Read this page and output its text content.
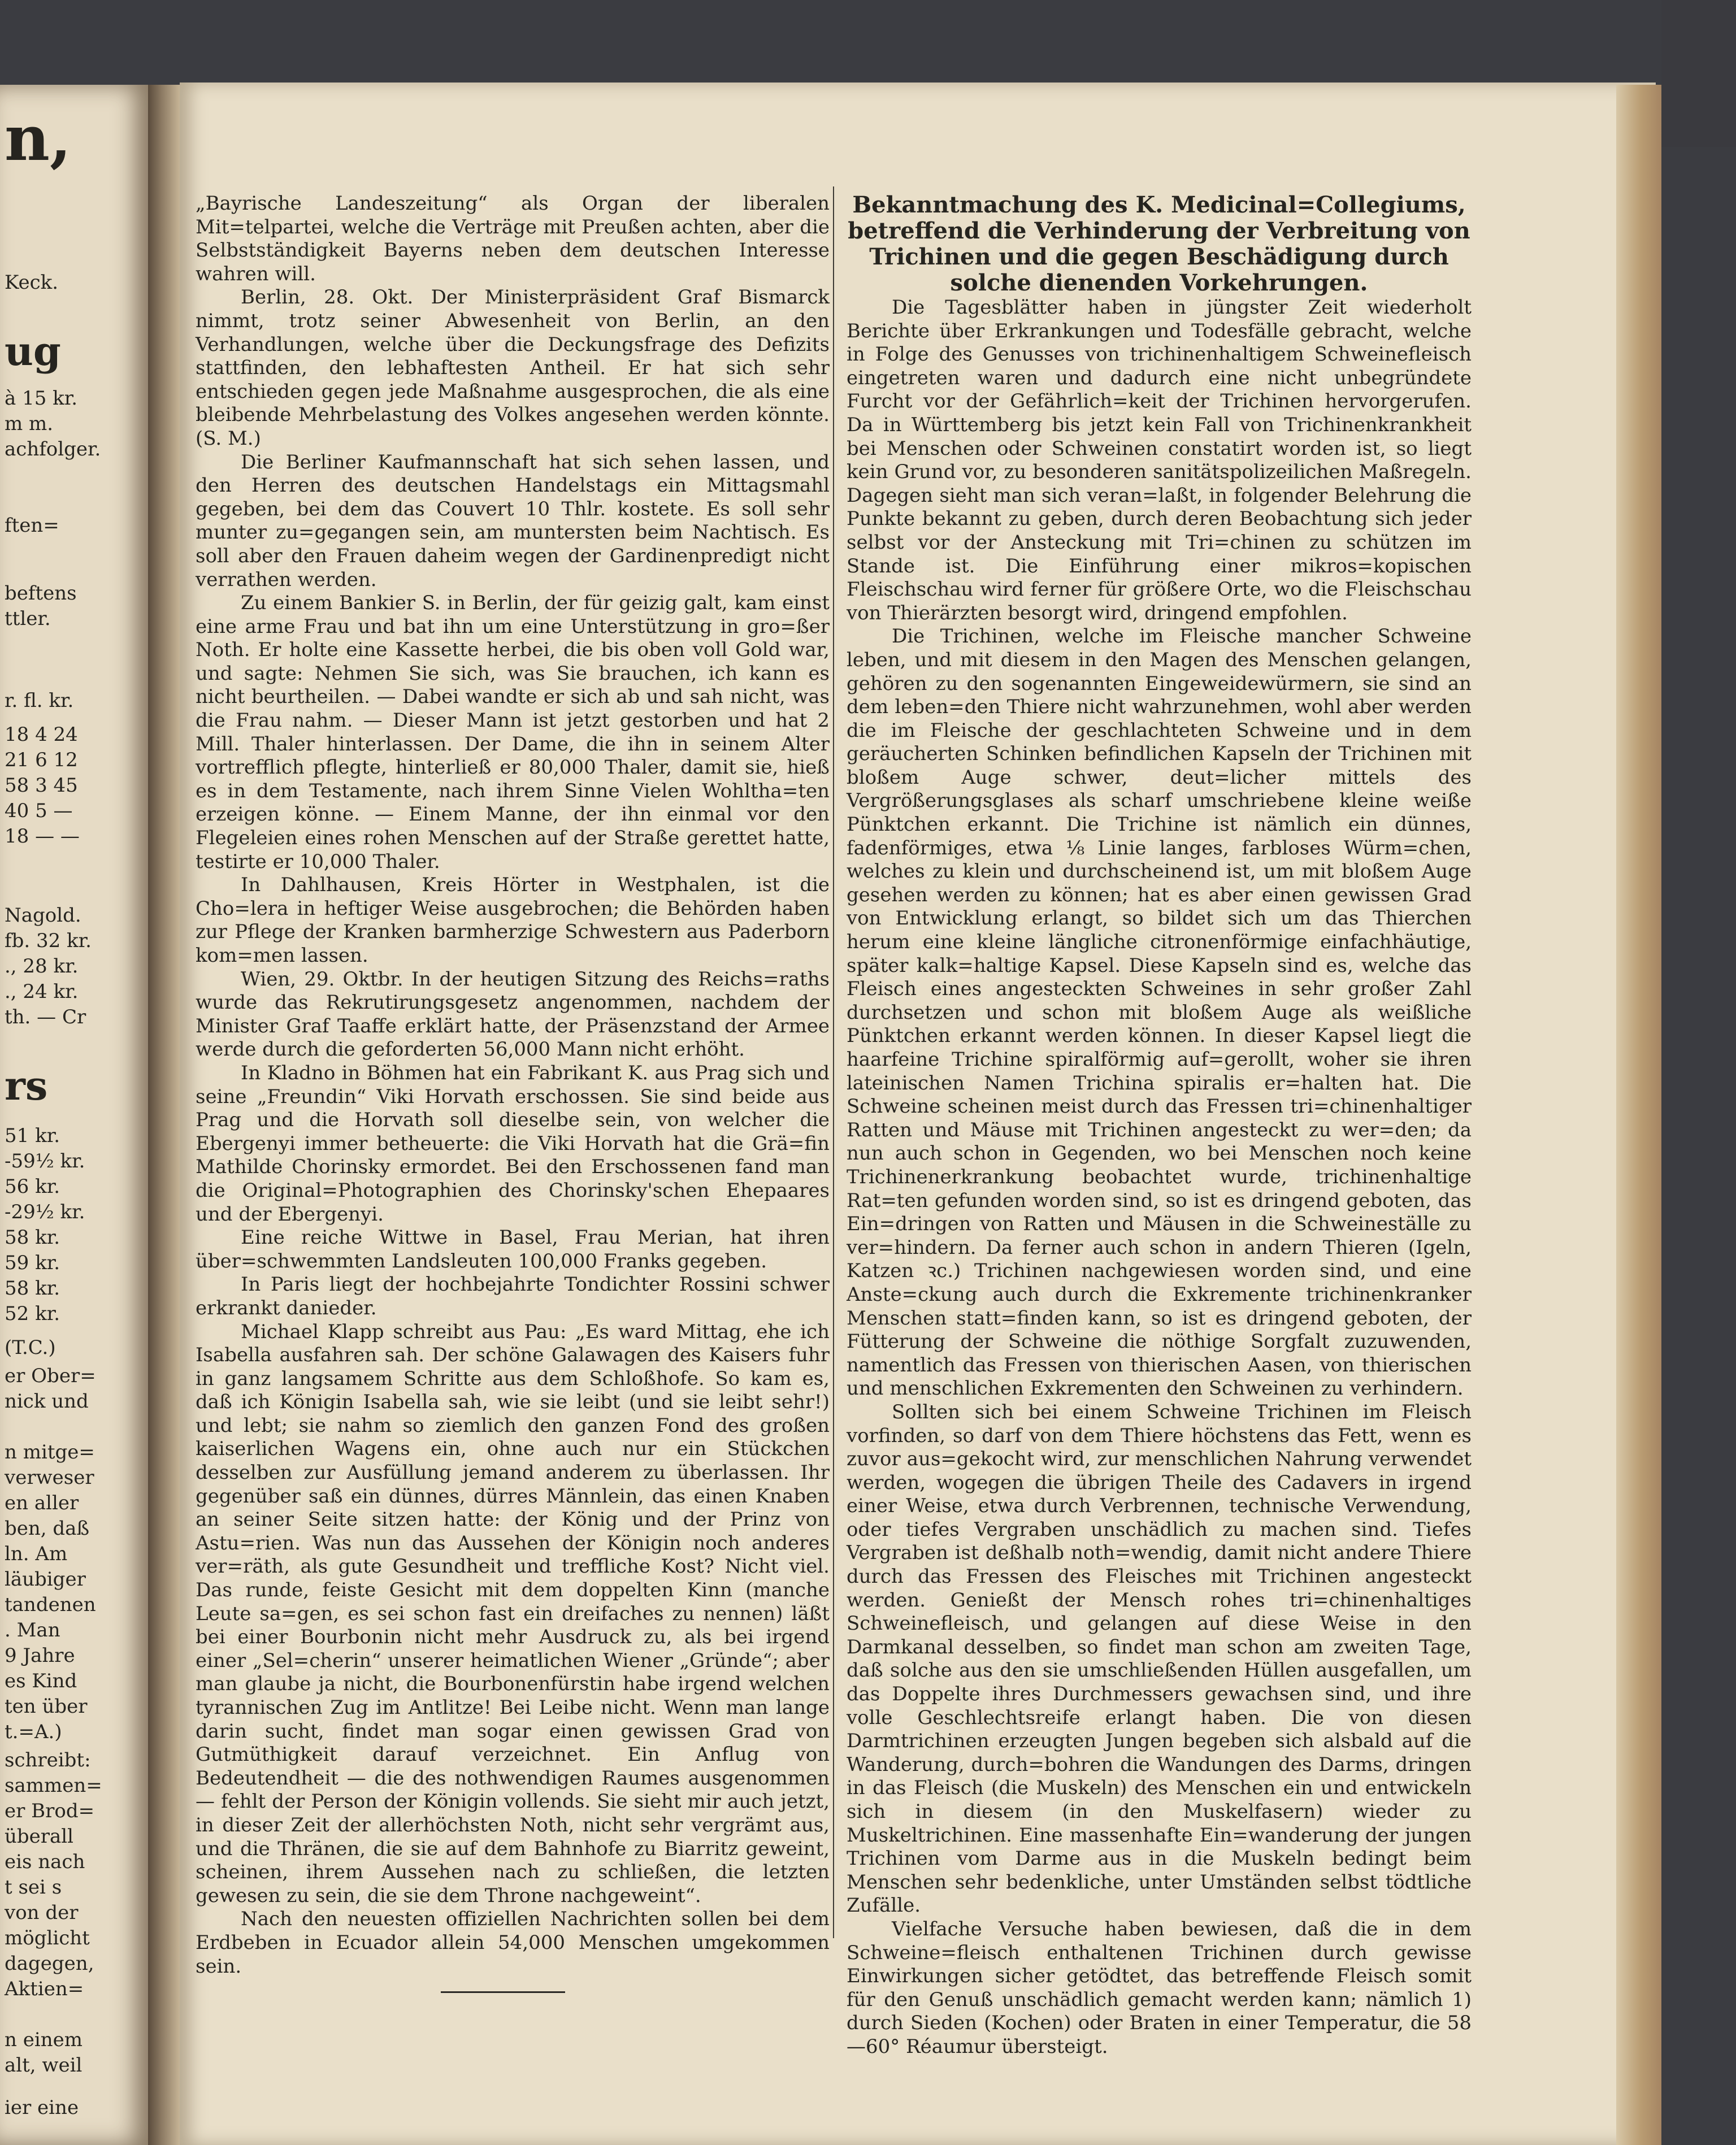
n,
Keck.
ug
à 15 kr.
m m.
achfolger.
ften=
beftens
ttler.
r. fl. kr.
18 4 24
21 6 12
58 3 45
40 5 —
18 — —
Nagold.
fb. 32 kr.
., 28 kr.
., 24 kr.
th. — Cr
rs
51 kr.
-59½ kr.
56 kr.
-29½ kr.
58 kr.
59 kr.
58 kr.
52 kr.
(T.C.)
er Ober=
nick und
n mitge=
verweser
en aller
ben, daß
ln. Am
läubiger
tandenen
. Man
9 Jahre
es Kind
ten über
t.=A.)
schreibt:
sammen=
er Brod=
überall
eis nach
t sei s
von der
möglicht
dagegen,
Aktien=
n einem
alt, weil
ier eine

„Bayrische Landeszeitung“ als Organ der liberalen Mit=telpartei, welche die Verträge mit Preußen achten, aber die Selbstständigkeit Bayerns neben dem deutschen Interesse wahren will.

Berlin, 28. Okt. Der Ministerpräsident Graf Bismarck nimmt, trotz seiner Abwesenheit von Berlin, an den Verhandlungen, welche über die Deckungsfrage des Defizits stattfinden, den lebhaftesten Antheil. Er hat sich sehr entschieden gegen jede Maßnahme ausgesprochen, die als eine bleibende Mehrbelastung des Volkes angesehen werden könnte. (S. M.)

Die Berliner Kaufmannschaft hat sich sehen lassen, und den Herren des deutschen Handelstags ein Mittagsmahl gegeben, bei dem das Couvert 10 Thlr. kostete. Es soll sehr munter zu=gegangen sein, am muntersten beim Nachtisch. Es soll aber den Frauen daheim wegen der Gardinenpredigt nicht verrathen werden.

Zu einem Bankier S. in Berlin, der für geizig galt, kam einst eine arme Frau und bat ihn um eine Unterstützung in gro=ßer Noth. Er holte eine Kassette herbei, die bis oben voll Gold war, und sagte: Nehmen Sie sich, was Sie brauchen, ich kann es nicht beurtheilen. — Dabei wandte er sich ab und sah nicht, was die Frau nahm. — Dieser Mann ist jetzt gestorben und hat 2 Mill. Thaler hinterlassen. Der Dame, die ihn in seinem Alter vortrefflich pflegte, hinterließ er 80,000 Thaler, damit sie, hieß es in dem Testamente, nach ihrem Sinne Vielen Wohltha=ten erzeigen könne. — Einem Manne, der ihn einmal vor den Flegeleien eines rohen Menschen auf der Straße gerettet hatte, testirte er 10,000 Thaler.

In Dahlhausen, Kreis Hörter in Westphalen, ist die Cho=lera in heftiger Weise ausgebrochen; die Behörden haben zur Pflege der Kranken barmherzige Schwestern aus Paderborn kom=men lassen.

Wien, 29. Oktbr. In der heutigen Sitzung des Reichs=raths wurde das Rekrutirungsgesetz angenommen, nachdem der Minister Graf Taaffe erklärt hatte, der Präsenzstand der Armee werde durch die geforderten 56,000 Mann nicht erhöht.

In Kladno in Böhmen hat ein Fabrikant K. aus Prag sich und seine „Freundin“ Viki Horvath erschossen. Sie sind beide aus Prag und die Horvath soll dieselbe sein, von welcher die Ebergenyi immer betheuerte: die Viki Horvath hat die Grä=fin Mathilde Chorinsky ermordet. Bei den Erschossenen fand man die Original=Photographien des Chorinsky'schen Ehepaares und der Ebergenyi.

Eine reiche Wittwe in Basel, Frau Merian, hat ihren über=schwemmten Landsleuten 100,000 Franks gegeben.

In Paris liegt der hochbejahrte Tondichter Rossini schwer erkrankt danieder.

Michael Klapp schreibt aus Pau: „Es ward Mittag, ehe ich Isabella ausfahren sah. Der schöne Galawagen des Kaisers fuhr in ganz langsamem Schritte aus dem Schloßhofe. So kam es, daß ich Königin Isabella sah, wie sie leibt (und sie leibt sehr!) und lebt; sie nahm so ziemlich den ganzen Fond des großen kaiserlichen Wagens ein, ohne auch nur ein Stückchen desselben zur Ausfüllung jemand anderem zu überlassen. Ihr gegenüber saß ein dünnes, dürres Männlein, das einen Knaben an seiner Seite sitzen hatte: der König und der Prinz von Astu=rien. Was nun das Aussehen der Königin noch anderes ver=räth, als gute Gesundheit und treffliche Kost? Nicht viel. Das runde, feiste Gesicht mit dem doppelten Kinn (manche Leute sa=gen, es sei schon fast ein dreifaches zu nennen) läßt bei einer Bourbonin nicht mehr Ausdruck zu, als bei irgend einer „Sel=cherin“ unserer heimatlichen Wiener „Gründe“; aber man glaube ja nicht, die Bourbonenfürstin habe irgend welchen tyrannischen Zug im Antlitze! Bei Leibe nicht. Wenn man lange darin sucht, findet man sogar einen gewissen Grad von Gutmüthigkeit darauf verzeichnet. Ein Anflug von Bedeutendheit — die des nothwendigen Raumes ausgenommen — fehlt der Person der Königin vollends. Sie sieht mir auch jetzt, in dieser Zeit der allerhöchsten Noth, nicht sehr vergrämt aus, und die Thränen, die sie auf dem Bahnhofe zu Biarritz geweint, scheinen, ihrem Aussehen nach zu schließen, die letzten gewesen zu sein, die sie dem Throne nachgeweint“.

Nach den neuesten offiziellen Nachrichten sollen bei dem Erdbeben in Ecuador allein 54,000 Menschen umgekommen sein.

Bekanntmachung des K. Medicinal=Collegiums, betreffend die Verhinderung der Verbreitung von Trichinen und die gegen Beschädigung durch solche dienenden Vorkehrungen.

Die Tagesblätter haben in jüngster Zeit wiederholt Berichte über Erkrankungen und Todesfälle gebracht, welche in Folge des Genusses von trichinenhaltigem Schweinefleisch eingetreten waren und dadurch eine nicht unbegründete Furcht vor der Gefährlich=keit der Trichinen hervorgerufen. Da in Württemberg bis jetzt kein Fall von Trichinenkrankheit bei Menschen oder Schweinen constatirt worden ist, so liegt kein Grund vor, zu besonderen sanitätspolizeilichen Maßregeln. Dagegen sieht man sich veran=laßt, in folgender Belehrung die Punkte bekannt zu geben, durch deren Beobachtung sich jeder selbst vor der Ansteckung mit Tri=chinen zu schützen im Stande ist. Die Einführung einer mikros=kopischen Fleischschau wird ferner für größere Orte, wo die Fleischschau von Thierärzten besorgt wird, dringend empfohlen.

Die Trichinen, welche im Fleische mancher Schweine leben, und mit diesem in den Magen des Menschen gelangen, gehören zu den sogenannten Eingeweidewürmern, sie sind an dem leben=den Thiere nicht wahrzunehmen, wohl aber werden die im Fleische der geschlachteten Schweine und in dem geräucherten Schinken befindlichen Kapseln der Trichinen mit bloßem Auge schwer, deut=licher mittels des Vergrößerungsglases als scharf umschriebene kleine weiße Pünktchen erkannt. Die Trichine ist nämlich ein dünnes, fadenförmiges, etwa ⅛ Linie langes, farbloses Würm=chen, welches zu klein und durchscheinend ist, um mit bloßem Auge gesehen werden zu können; hat es aber einen gewissen Grad von Entwicklung erlangt, so bildet sich um das Thierchen herum eine kleine längliche citronenförmige einfachhäutige, später kalk=haltige Kapsel. Diese Kapseln sind es, welche das Fleisch eines angesteckten Schweines in sehr großer Zahl durchsetzen und schon mit bloßem Auge als weißliche Pünktchen erkannt werden können. In dieser Kapsel liegt die haarfeine Trichine spiralförmig auf=gerollt, woher sie ihren lateinischen Namen Trichina spiralis er=halten hat. Die Schweine scheinen meist durch das Fressen tri=chinenhaltiger Ratten und Mäuse mit Trichinen angesteckt zu wer=den; da nun auch schon in Gegenden, wo bei Menschen noch keine Trichinenerkrankung beobachtet wurde, trichinenhaltige Rat=ten gefunden worden sind, so ist es dringend geboten, das Ein=dringen von Ratten und Mäusen in die Schweineställe zu ver=hindern. Da ferner auch schon in andern Thieren (Igeln, Katzen ꝛc.) Trichinen nachgewiesen worden sind, und eine Anste=ckung auch durch die Exkremente trichinenkranker Menschen statt=finden kann, so ist es dringend geboten, der Fütterung der Schweine die nöthige Sorgfalt zuzuwenden, namentlich das Fressen von thierischen Aasen, von thierischen und menschlichen Exkrementen den Schweinen zu verhindern.

Sollten sich bei einem Schweine Trichinen im Fleisch vorfinden, so darf von dem Thiere höchstens das Fett, wenn es zuvor aus=gekocht wird, zur menschlichen Nahrung verwendet werden, wogegen die übrigen Theile des Cadavers in irgend einer Weise, etwa durch Verbrennen, technische Verwendung, oder tiefes Vergraben unschädlich zu machen sind. Tiefes Vergraben ist deßhalb noth=wendig, damit nicht andere Thiere durch das Fressen des Fleisches mit Trichinen angesteckt werden. Genießt der Mensch rohes tri=chinenhaltiges Schweinefleisch, und gelangen auf diese Weise in den Darmkanal desselben, so findet man schon am zweiten Tage, daß solche aus den sie umschließenden Hüllen ausgefallen, um das Doppelte ihres Durchmessers gewachsen sind, und ihre volle Geschlechtsreife erlangt haben. Die von diesen Darmtrichinen erzeugten Jungen begeben sich alsbald auf die Wanderung, durch=bohren die Wandungen des Darms, dringen in das Fleisch (die Muskeln) des Menschen ein und entwickeln sich in diesem (in den Muskelfasern) wieder zu Muskeltrichinen. Eine massenhafte Ein=wanderung der jungen Trichinen vom Darme aus in die Muskeln bedingt beim Menschen sehr bedenkliche, unter Umständen selbst tödtliche Zufälle.

Vielfache Versuche haben bewiesen, daß die in dem Schweine=fleisch enthaltenen Trichinen durch gewisse Einwirkungen sicher getödtet, das betreffende Fleisch somit für den Genuß unschädlich gemacht werden kann; nämlich 1) durch Sieden (Kochen) oder Braten in einer Temperatur, die 58—60° Réaumur übersteigt.
